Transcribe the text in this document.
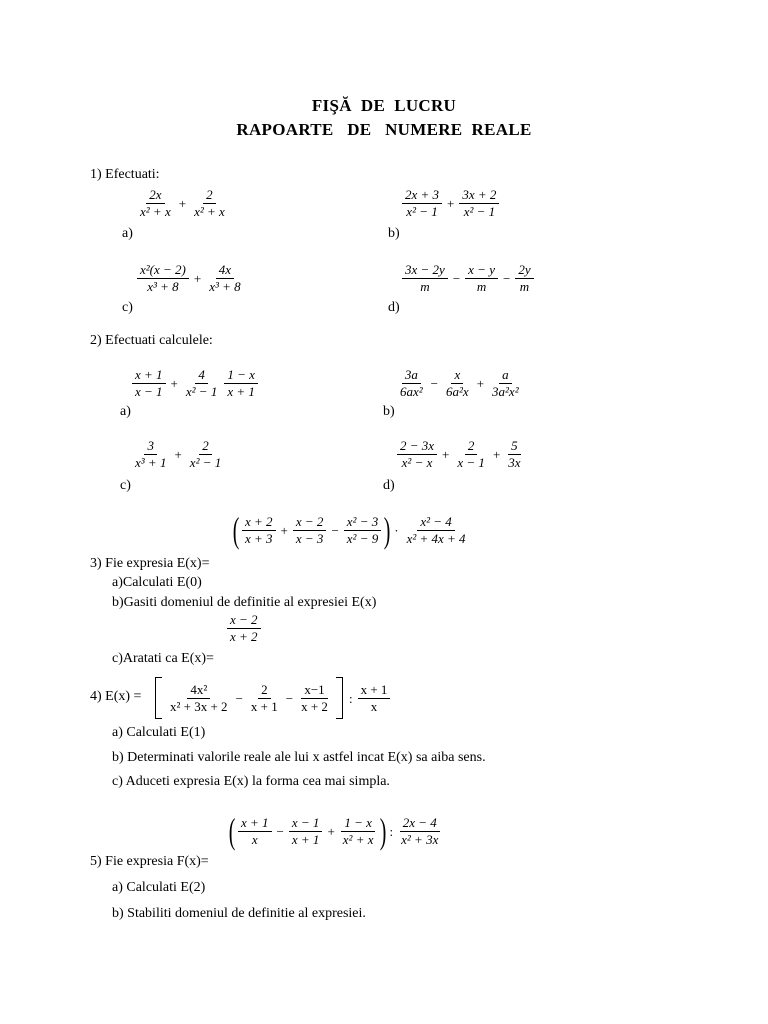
FIŞĂ  DE  LUCRU
RAPOARTE   DE   NUMERE  REALE
1) Efectuati:
$\frac{2x}{\text{x² + x}} + \frac{2}{\text{x² + x}}$
a)
$\frac{2x + 3}{\text{x² − 1}} + \frac{3x + 2}{\text{x² − 1}}$
b)
$\frac{\text{x²(x − 2)}}{\text{x³ + 8}} + \frac{4x}{\text{x³ + 8}}$
c)
$\frac{3x - 2y}{m} - \frac{x - y}{m} - \frac{2y}{m}$
d)
2) Efectuati calculele:
$\frac{x + 1}{x - 1} + \frac{4}{\text{x² − 1}} \frac{1 - x}{x + 1}$
a)
$\frac{3a}{\text{6ax²}} - \frac{x}{\text{6a²x}} + \frac{a}{\text{3a²x²}}$
b)
$\frac{3}{\text{x³ + 1}} + \frac{2}{\text{x² − 1}}$
c)
$\frac{2 - 3x}{\text{x² − x}} + \frac{2}{x - 1} + \frac{5}{3x}$
d)
( $\frac{x + 2}{x + 3} + \frac{x - 2}{x - 3} - \frac{\text{x² − 3}}{\text{x² − 9}}$ ) · $\frac{\text{x² − 4}}{\text{x² + 4x + 4}}$
3) Fie expresia E(x)=
a)Calculati E(0)
b)Gasiti domeniul de definitie al expresiei E(x)
$\frac{x - 2}{x + 2}$
c)Aratati ca E(x)=
4) $E(x) = \frac{\text{4x²}}{\text{x² + 3x + 2}} - \frac{2}{x + 1} - \frac{x-1}{x + 2}$ : $\frac{x + 1}{x}$
a) Calculati E(1)
b) Determinati valorile reale ale lui x astfel incat E(x) sa aiba sens.
c) Aduceti expresia E(x) la forma cea mai simpla.
( $\frac{x + 1}{x} - \frac{x - 1}{x + 1} + \frac{1 - x}{\text{x² + x}}$ ) : $\frac{2x - 4}{\text{x² + 3x}}$
5) Fie expresia F(x)=
a) Calculati E(2)
b) Stabiliti domeniul de definitie al expresiei.
